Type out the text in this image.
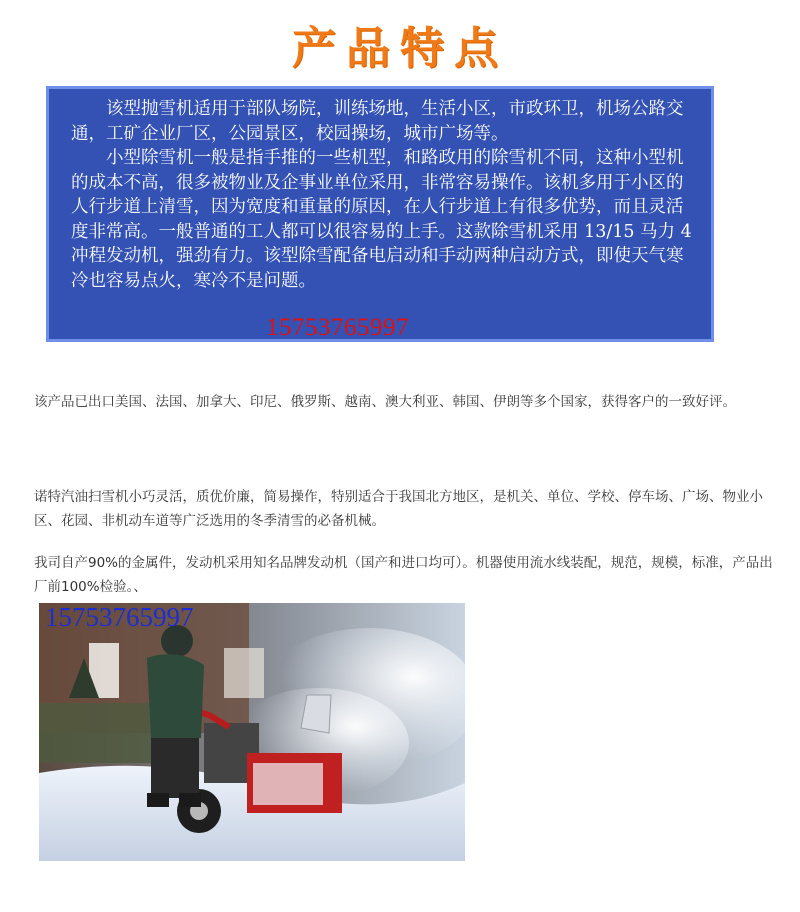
产品特点

该型抛雪机适用于部队场院，训练场地，生活小区，市政环卫，机场公路交通，工矿企业厂区，公园景区，校园操场，城市广场等。

小型除雪机一般是指手推的一些机型，和路政用的除雪机不同，这种小型机的成本不高，很多被物业及企事业单位采用，非常容易操作。该机多用于小区的人行步道上清雪，因为宽度和重量的原因，在人行步道上有很多优势，而且灵活度非常高。一般普通的工人都可以很容易的上手。这款除雪机采用 13/15 马力 4 冲程发动机，强劲有力。该型除雪配备电启动和手动两种启动方式，即使天气寒冷也容易点火，寒冷不是问题。

15753765997

该产品已出口美国、法国、加拿大、印尼、俄罗斯、越南、澳大利亚、韩国、伊朗等多个国家，获得客户的一致好评。

诺特汽油扫雪机小巧灵活，质优价廉，简易操作，特别适合于我国北方地区，是机关、单位、学校、停车场、广场、物业小区、花园、非机动车道等广泛选用的冬季清雪的必备机械。

我司自产90%的金属件，发动机采用知名品牌发动机（国产和进口均可）。机器使用流水线装配，规范，规模，标准，产品出厂前100%检验。、

15753765997
